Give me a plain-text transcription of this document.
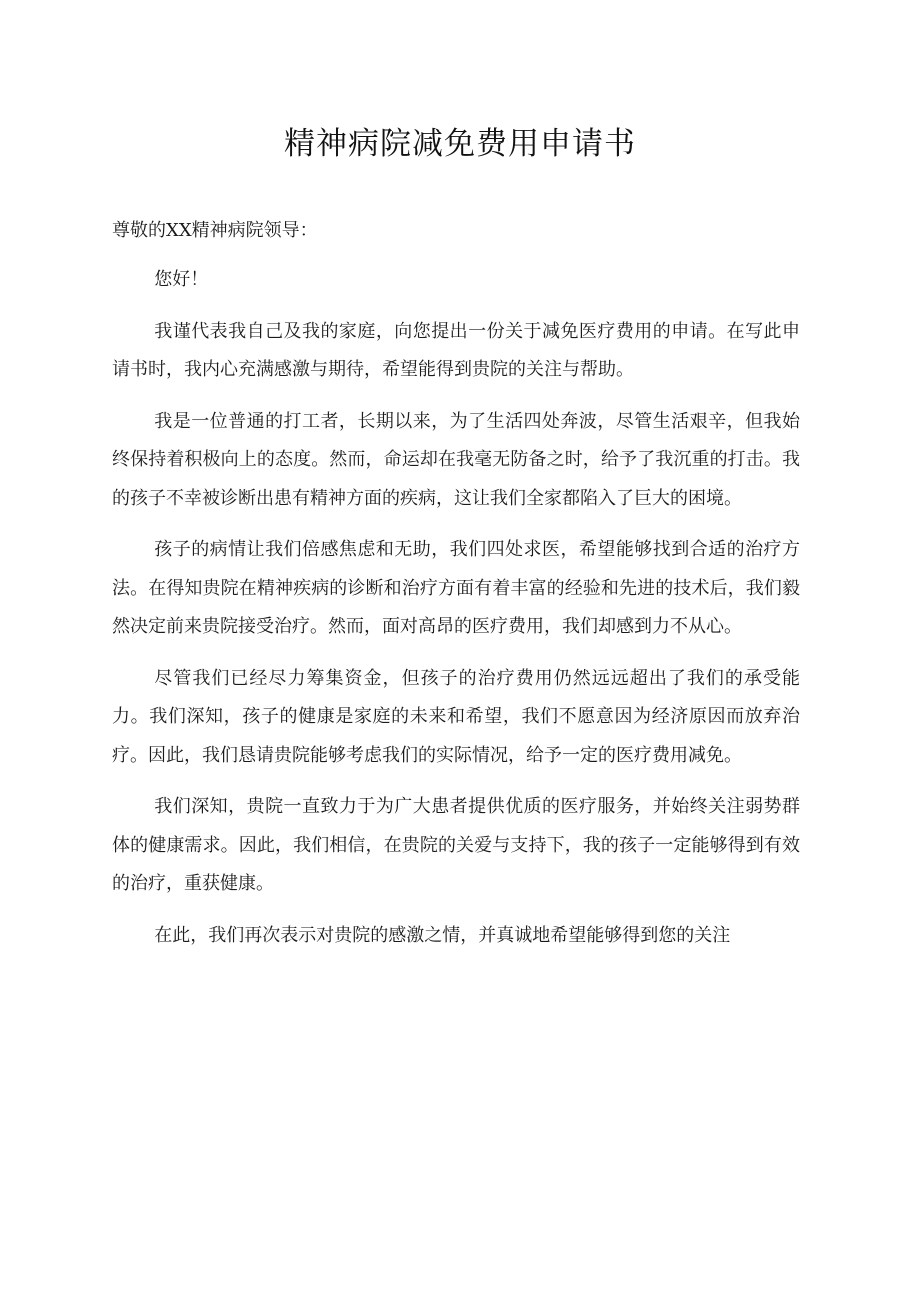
精神病院减免费用申请书

尊敬的XX精神病院领导：

您好！

我谨代表我自己及我的家庭，向您提出一份关于减免医疗费用的申请。在写此申请书时，我内心充满感激与期待，希望能得到贵院的关注与帮助。

我是一位普通的打工者，长期以来，为了生活四处奔波，尽管生活艰辛，但我始终保持着积极向上的态度。然而，命运却在我毫无防备之时，给予了我沉重的打击。我的孩子不幸被诊断出患有精神方面的疾病，这让我们全家都陷入了巨大的困境。

孩子的病情让我们倍感焦虑和无助，我们四处求医，希望能够找到合适的治疗方法。在得知贵院在精神疾病的诊断和治疗方面有着丰富的经验和先进的技术后，我们毅然决定前来贵院接受治疗。然而，面对高昂的医疗费用，我们却感到力不从心。

尽管我们已经尽力筹集资金，但孩子的治疗费用仍然远远超出了我们的承受能力。我们深知，孩子的健康是家庭的未来和希望，我们不愿意因为经济原因而放弃治疗。因此，我们恳请贵院能够考虑我们的实际情况，给予一定的医疗费用减免。

我们深知，贵院一直致力于为广大患者提供优质的医疗服务，并始终关注弱势群体的健康需求。因此，我们相信，在贵院的关爱与支持下，我的孩子一定能够得到有效的治疗，重获健康。

在此，我们再次表示对贵院的感激之情，并真诚地希望能够得到您的关注
